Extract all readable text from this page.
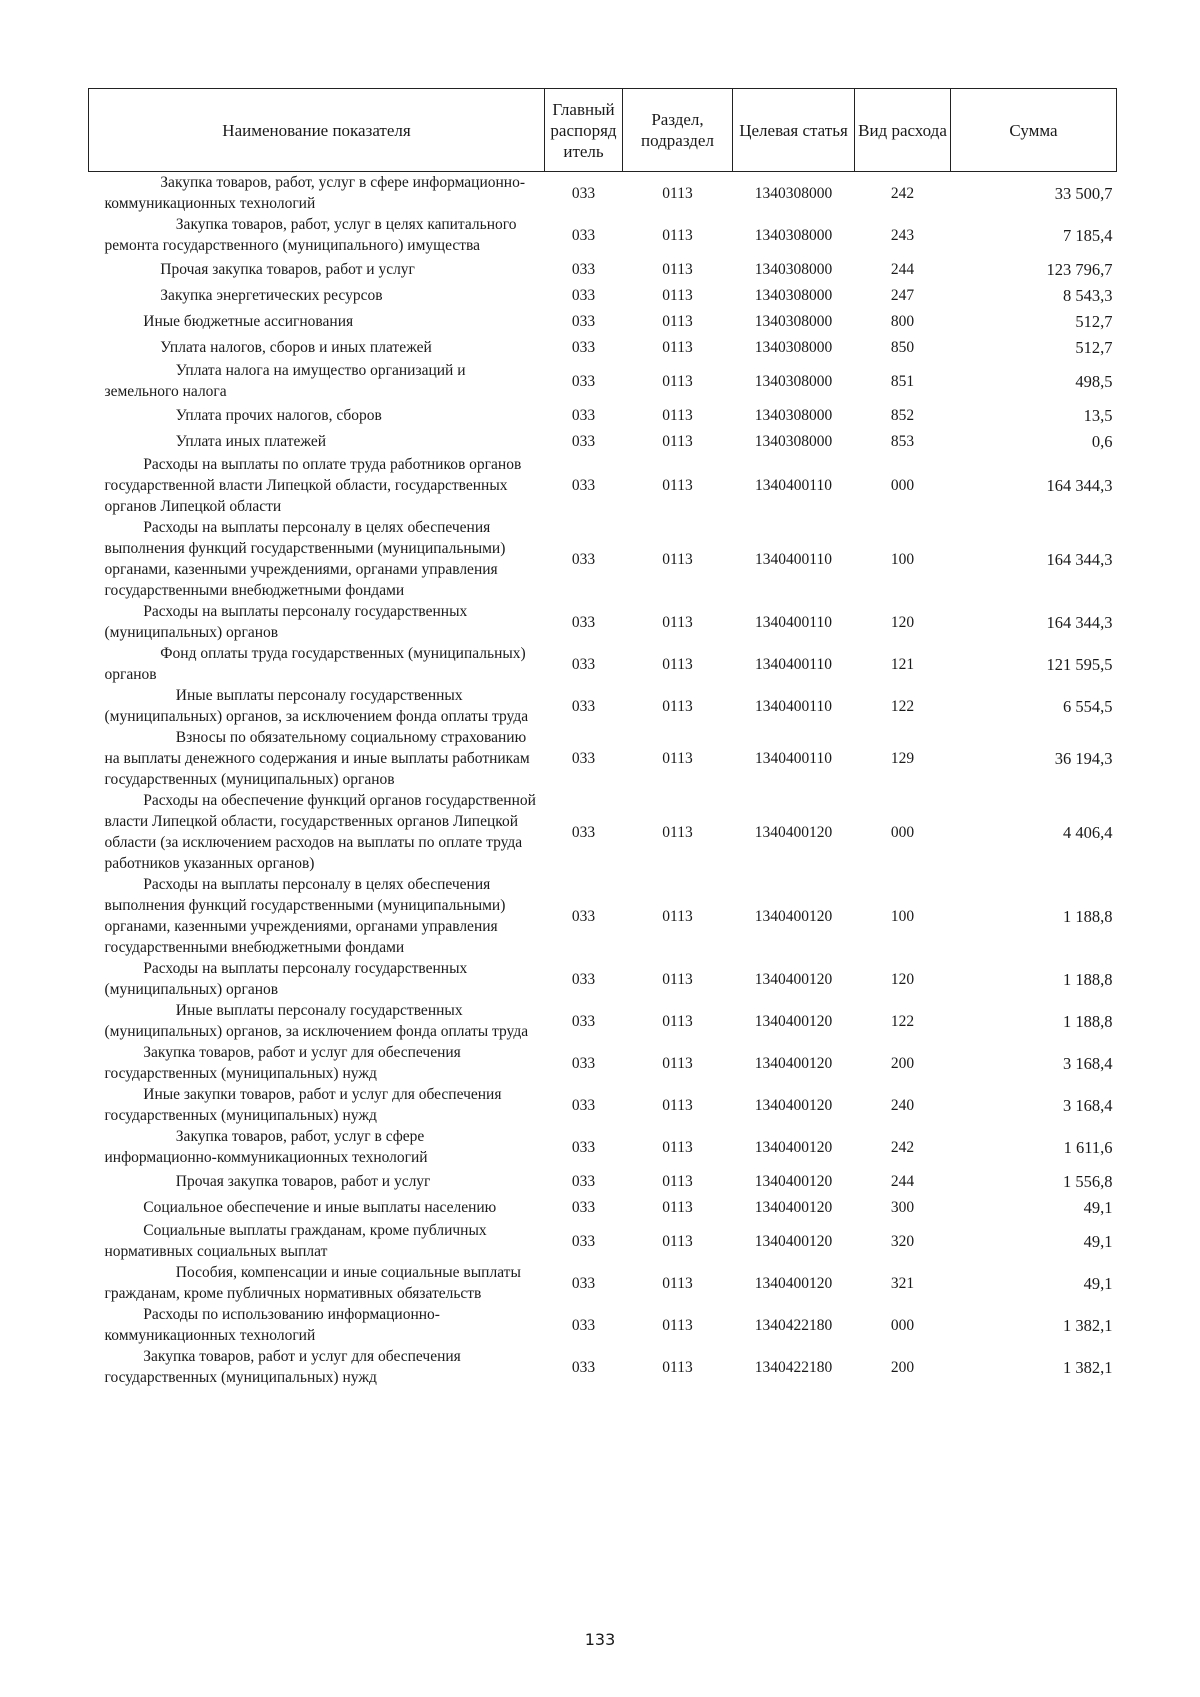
Наименование показателя	Главный распоряд итель	Раздел, подраздел	Целевая статья	Вид расхода	Сумма
Закупка товаров, работ, услуг в сфере информационно-коммуникационных технологий	033	0113	1340308000	242	33 500,7
Закупка товаров, работ, услуг в целях капитального ремонта государственного (муниципального) имущества	033	0113	1340308000	243	7 185,4
Прочая закупка товаров, работ и услуг	033	0113	1340308000	244	123 796,7
Закупка энергетических ресурсов	033	0113	1340308000	247	8 543,3
Иные бюджетные ассигнования	033	0113	1340308000	800	512,7
Уплата налогов, сборов и иных платежей	033	0113	1340308000	850	512,7
Уплата налога на имущество организаций и земельного налога	033	0113	1340308000	851	498,5
Уплата прочих налогов, сборов	033	0113	1340308000	852	13,5
Уплата иных платежей	033	0113	1340308000	853	0,6
Расходы на выплаты по оплате труда работников органов государственной власти Липецкой области, государственных органов Липецкой области	033	0113	1340400110	000	164 344,3
Расходы на выплаты персоналу в целях обеспечения выполнения функций государственными (муниципальными) органами, казенными учреждениями, органами управления государственными внебюджетными фондами	033	0113	1340400110	100	164 344,3
Расходы на выплаты персоналу государственных (муниципальных) органов	033	0113	1340400110	120	164 344,3
Фонд оплаты труда государственных (муниципальных) органов	033	0113	1340400110	121	121 595,5
Иные выплаты персоналу государственных (муниципальных) органов, за исключением фонда оплаты труда	033	0113	1340400110	122	6 554,5
Взносы по обязательному социальному страхованию на выплаты денежного содержания и иные выплаты работникам государственных (муниципальных) органов	033	0113	1340400110	129	36 194,3
Расходы на обеспечение функций органов государственной власти Липецкой области, государственных органов Липецкой области (за исключением расходов на выплаты по оплате труда работников указанных органов)	033	0113	1340400120	000	4 406,4
Расходы на выплаты персоналу в целях обеспечения выполнения функций государственными (муниципальными) органами, казенными учреждениями, органами управления государственными внебюджетными фондами	033	0113	1340400120	100	1 188,8
Расходы на выплаты персоналу государственных (муниципальных) органов	033	0113	1340400120	120	1 188,8
Иные выплаты персоналу государственных (муниципальных) органов, за исключением фонда оплаты труда	033	0113	1340400120	122	1 188,8
Закупка товаров, работ и услуг для обеспечения государственных (муниципальных) нужд	033	0113	1340400120	200	3 168,4
Иные закупки товаров, работ и услуг для обеспечения государственных (муниципальных) нужд	033	0113	1340400120	240	3 168,4
Закупка товаров, работ, услуг в сфере информационно-коммуникационных технологий	033	0113	1340400120	242	1 611,6
Прочая закупка товаров, работ и услуг	033	0113	1340400120	244	1 556,8
Социальное обеспечение и иные выплаты населению	033	0113	1340400120	300	49,1
Социальные выплаты гражданам, кроме публичных нормативных социальных выплат	033	0113	1340400120	320	49,1
Пособия, компенсации и иные социальные выплаты гражданам, кроме публичных нормативных обязательств	033	0113	1340400120	321	49,1
Расходы по использованию информационно-коммуникационных технологий	033	0113	1340422180	000	1 382,1
Закупка товаров, работ и услуг для обеспечения государственных (муниципальных) нужд	033	0113	1340422180	200	1 382,1
133
